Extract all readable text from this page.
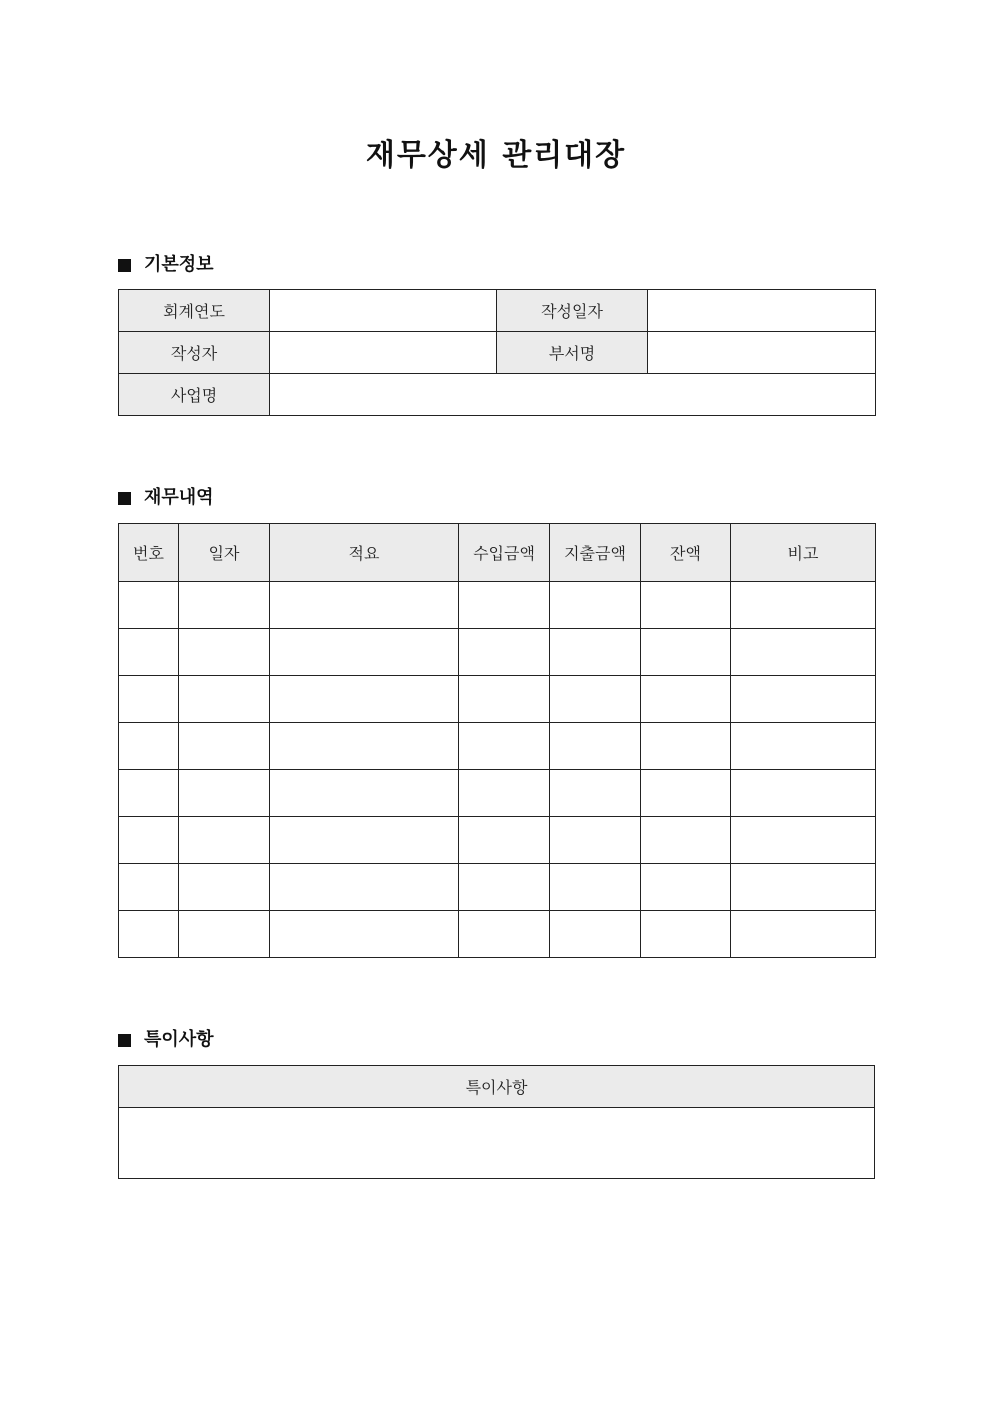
재무상세 관리대장
기본정보
회계연도		작성일자	
작성자		부서명	
사업명			
재무내역
번호	일자	적요	수입금액	지출금액	잔액	비고

특이사항
특이사항
